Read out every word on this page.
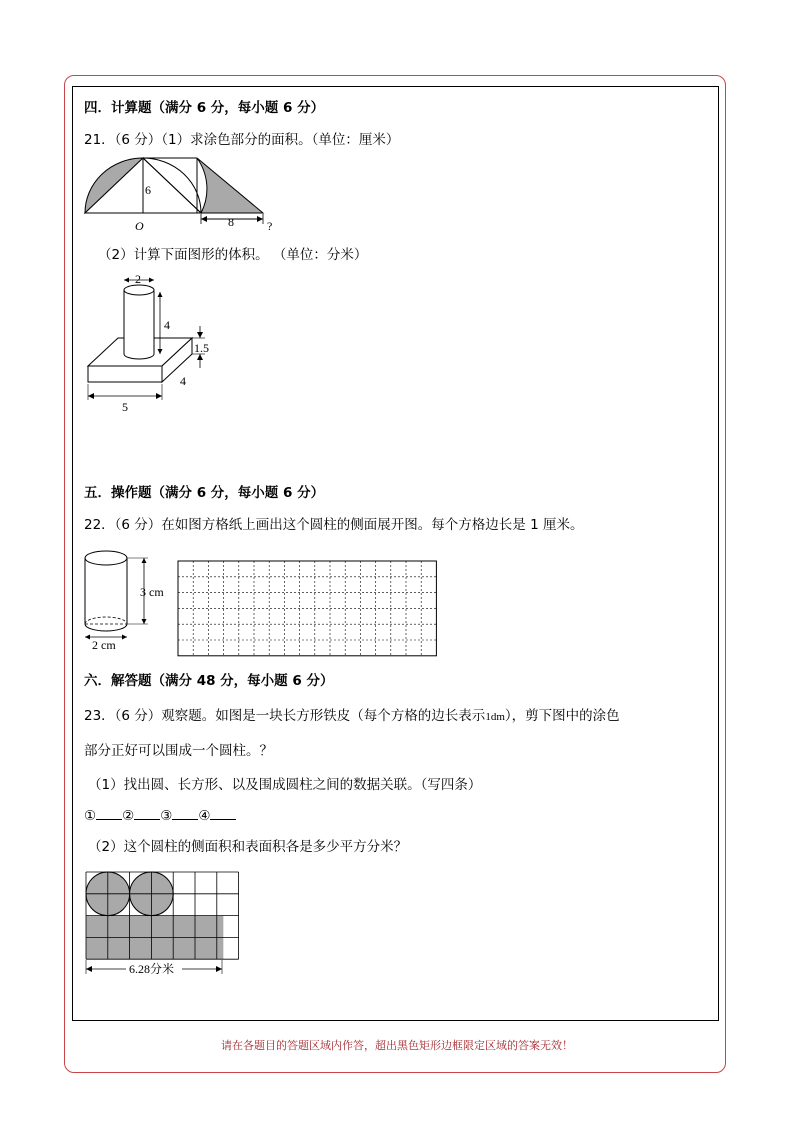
四．计算题（满分 6 分，每小题 6 分）
21．（6 分）（1）求涂色部分的面积。（单位：厘米）
6
O	8	?
（2）计算下面图形的体积。 （单位：分米）
2
4
1.5
4
5
五．操作题（满分 6 分，每小题 6 分）
22．（6 分）在如图方格纸上画出这个圆柱的侧面展开图。每个方格边长是 1 厘米。
3 cm
2 cm
六．解答题（满分 48 分，每小题 6 分）
23．（6 分）观察题。如图是一块长方形铁皮（每个方格的边长表示1dm），剪下图中的涂色
部分正好可以围成一个圆柱。？
（1）找出圆、长方形、以及围成圆柱之间的数据关联。（写四条）
① ② ③ ④
（2）这个圆柱的侧面积和表面积各是多少平方分米？
6.28分米
请在各题目的答题区域内作答，超出黑色矩形边框限定区域的答案无效！
